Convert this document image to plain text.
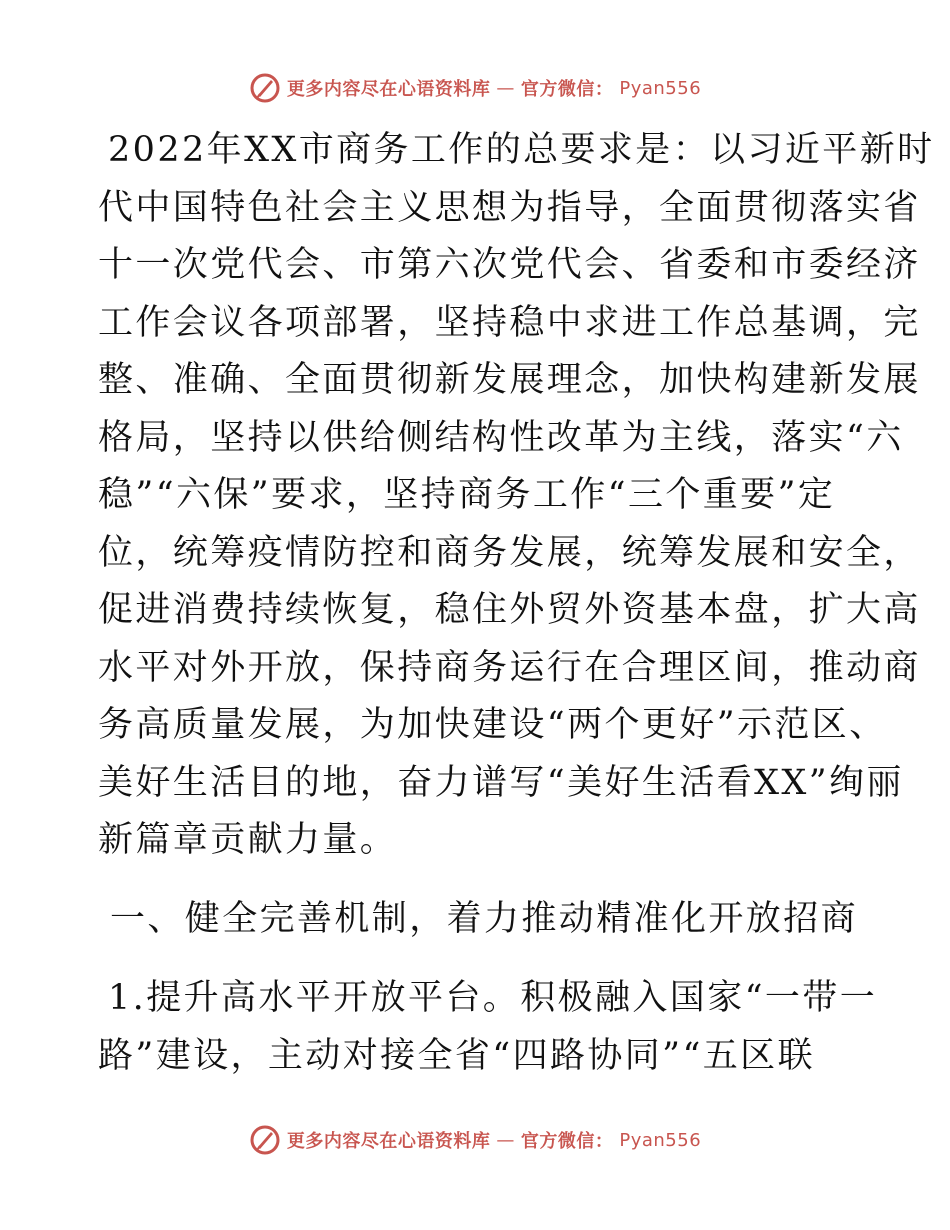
更多内容尽在心语资料库 — 官方微信： Pyan556
2022年XX市商务工作的总要求是：以习近平新时
代中国特色社会主义思想为指导，全面贯彻落实省
十一次党代会、市第六次党代会、省委和市委经济
工作会议各项部署，坚持稳中求进工作总基调，完
整、准确、全面贯彻新发展理念，加快构建新发展
格局，坚持以供给侧结构性改革为主线，落实“六
稳”“六保”要求，坚持商务工作“三个重要”定
位，统筹疫情防控和商务发展，统筹发展和安全，
促进消费持续恢复，稳住外贸外资基本盘，扩大高
水平对外开放，保持商务运行在合理区间，推动商
务高质量发展，为加快建设“两个更好”示范区、
美好生活目的地，奋力谱写“美好生活看XX”绚丽
新篇章贡献力量。
一、健全完善机制，着力推动精准化开放招商
1.提升高水平开放平台。积极融入国家“一带一
路”建设，主动对接全省“四路协同”“五区联
更多内容尽在心语资料库 — 官方微信： Pyan556
